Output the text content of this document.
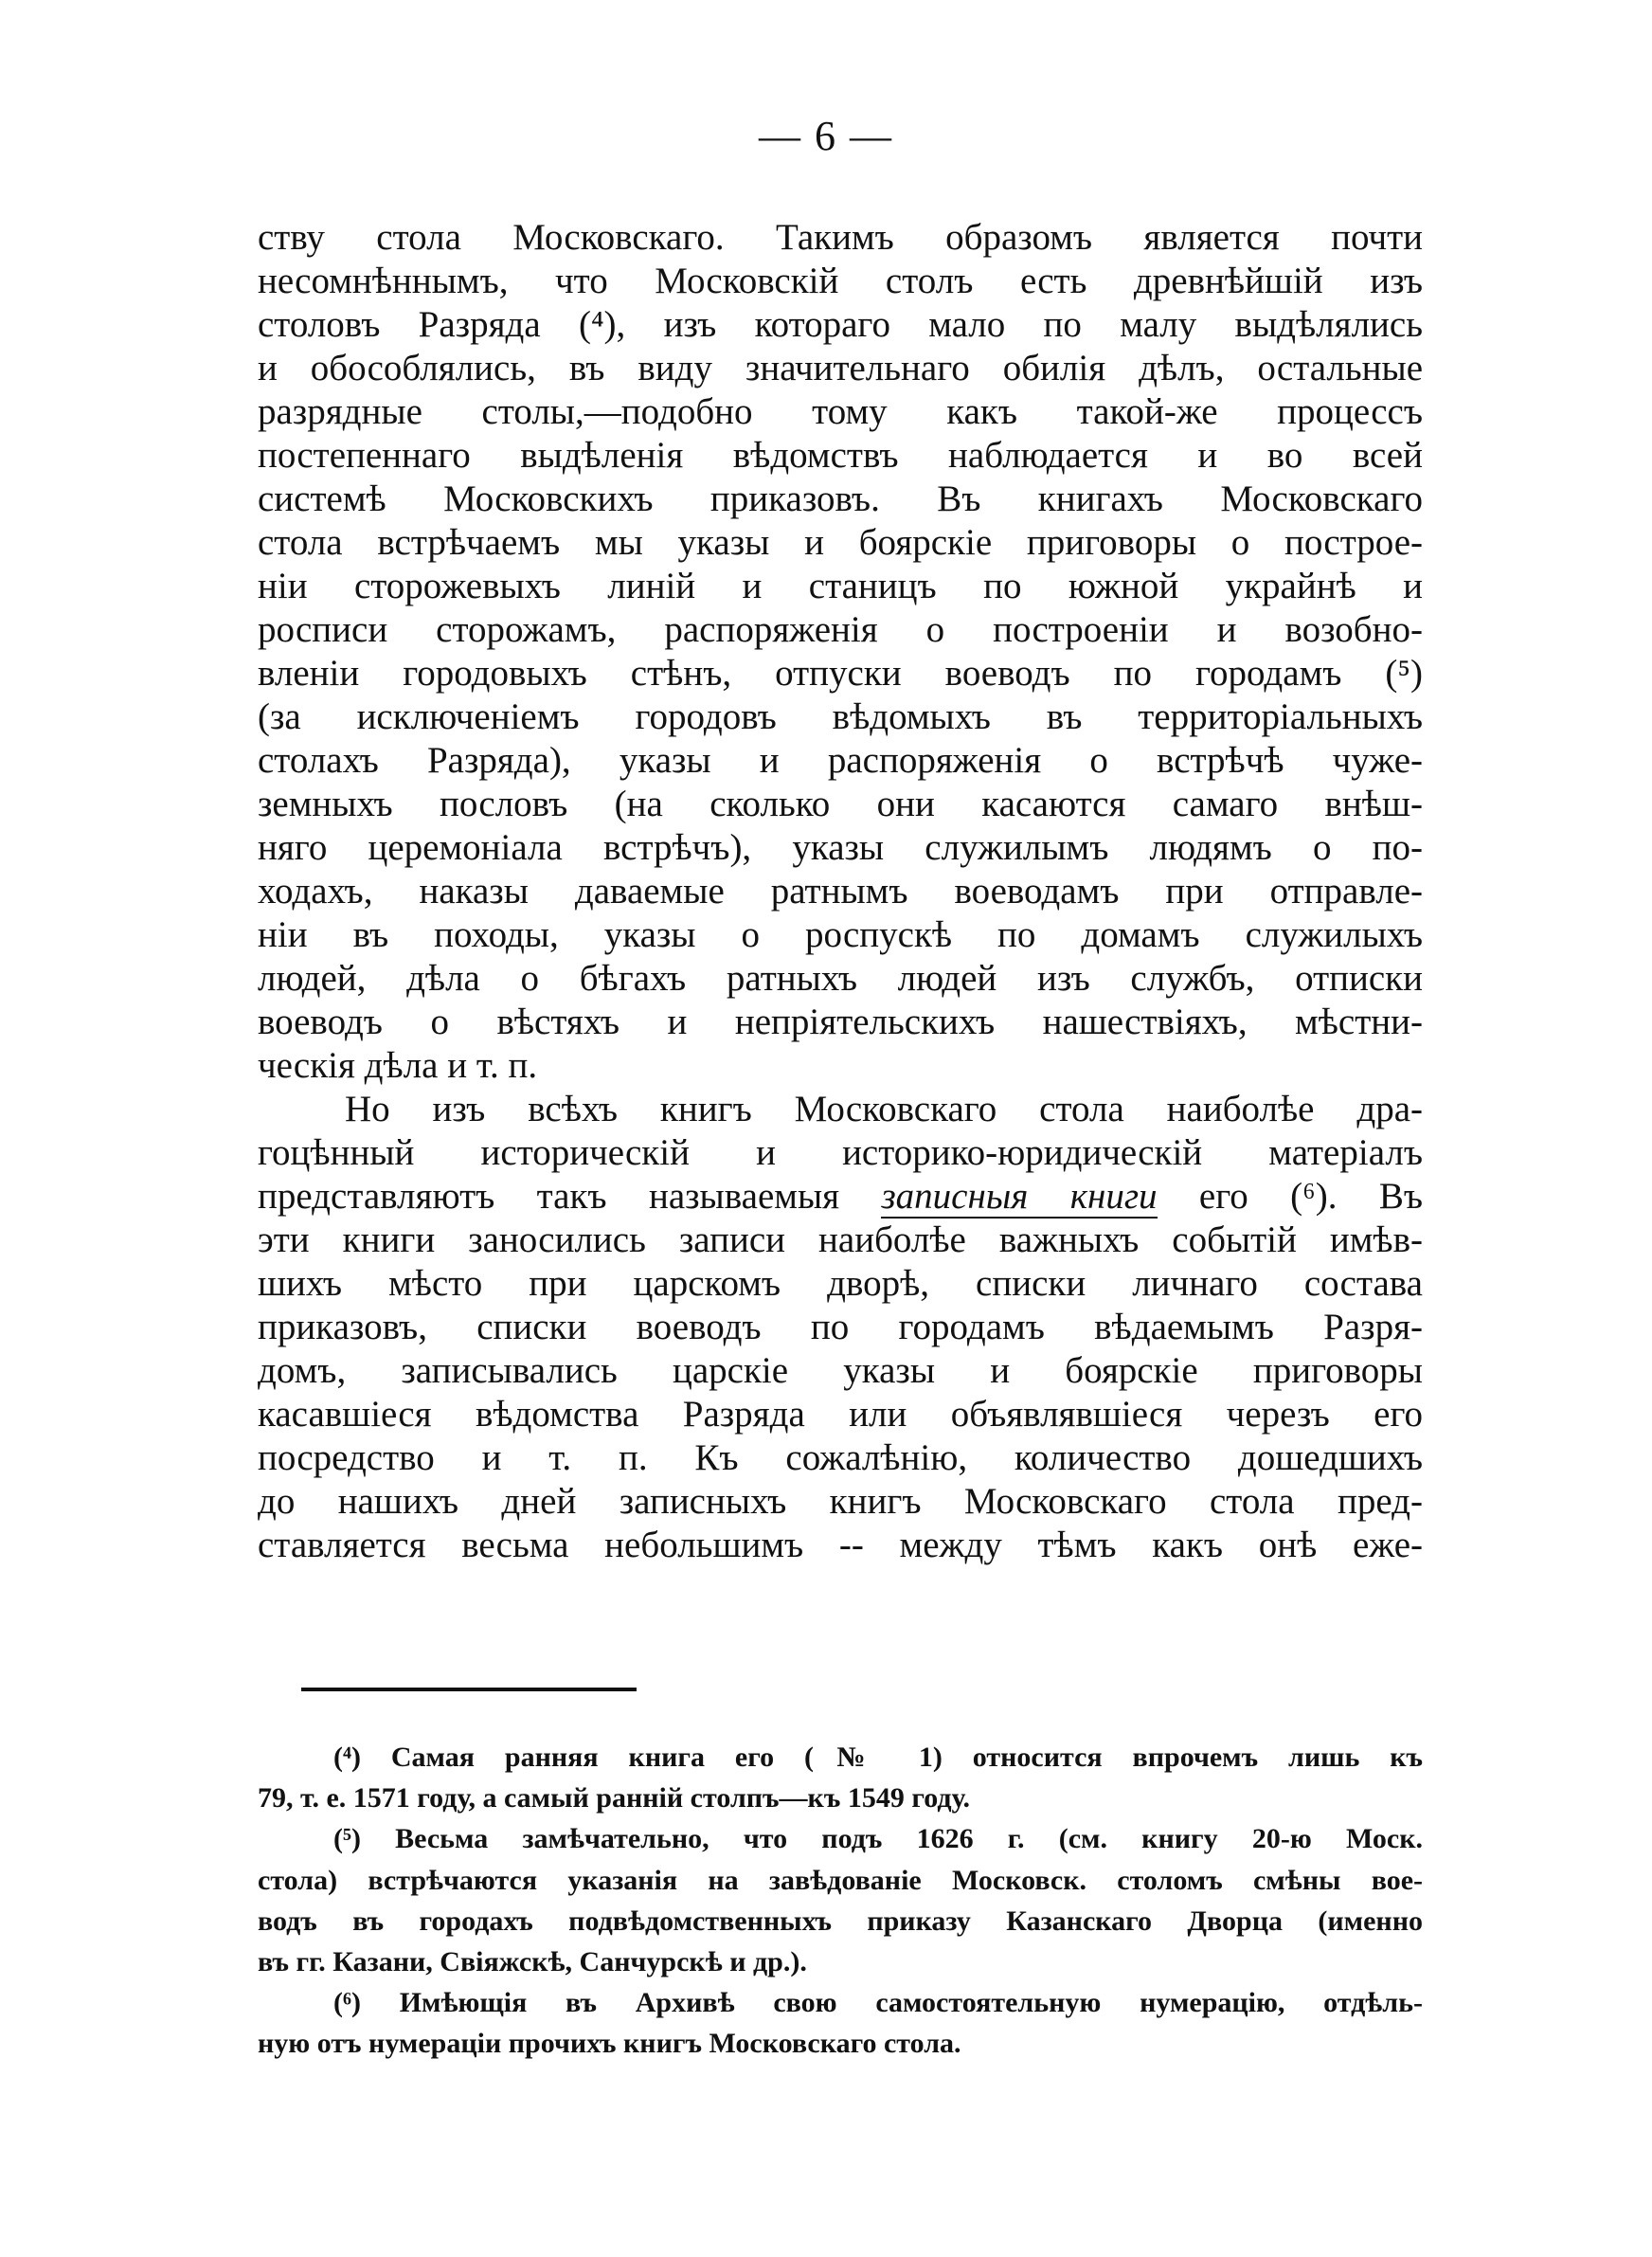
— 6 —
ству стола Московскаго. Такимъ образомъ является почти
несомнѣннымъ, что Московскій столъ есть древнѣйшій изъ
столовъ Разряда (⁴), изъ котораго мало по малу выдѣлялись
и обособлялись, въ виду значительнаго обилія дѣлъ, остальные
разрядные столы,—подобно тому какъ такой-же процессъ
постепеннаго выдѣленія вѣдомствъ наблюдается и во всей
системѣ Московскихъ приказовъ. Въ книгахъ Московскаго
стола встрѣчаемъ мы указы и боярскіе приговоры о построе-
ніи сторожевыхъ линій и станицъ по южной украйнѣ и
росписи сторожамъ, распоряженія о построеніи и возобно-
вленіи городовыхъ стѣнъ, отпуски воеводъ по городамъ (⁵)
(за исключеніемъ городовъ вѣдомыхъ въ территоріальныхъ
столахъ Разряда), указы и распоряженія о встрѣчѣ чуже-
земныхъ пословъ (на сколько они касаются самаго внѣш-
няго церемоніала встрѣчъ), указы служилымъ людямъ о по-
ходахъ, наказы даваемые ратнымъ воеводамъ при отправле-
ніи въ походы, указы о роспускѣ по домамъ служилыхъ
людей, дѣла о бѣгахъ ратныхъ людей изъ службъ, отписки
воеводъ о вѣстяхъ и непріятельскихъ нашествіяхъ, мѣстни-
ческія дѣла и т. п.
Но изъ всѣхъ книгъ Московскаго стола наиболѣе дра-
гоцѣнный историческій и историко-юридическій матеріалъ
представляютъ такъ называемыя записныя книги его (⁶). Въ
эти книги заносились записи наиболѣе важныхъ событій имѣв-
шихъ мѣсто при царскомъ дворѣ, списки личнаго состава
приказовъ, списки воеводъ по городамъ вѣдаемымъ Разря-
домъ, записывались царскіе указы и боярскіе приговоры
касавшіеся вѣдомства Разряда или объявлявшіеся черезъ его
посредство и т. п. Къ сожалѣнію, количество дошедшихъ
до нашихъ дней записныхъ книгъ Московскаго стола пред-
ставляется весьма небольшимъ -- между тѣмъ какъ онѣ еже-
(⁴) Самая ранняя книга его (№ 1) относится впрочемъ лишь къ
79, т. е. 1571 году, а самый ранній столпъ—къ 1549 году.
(⁵) Весьма замѣчательно, что подъ 1626 г. (см. книгу 20-ю Моск.
стола) встрѣчаются указанія на завѣдованіе Московск. столомъ смѣны вое-
водъ въ городахъ подвѣдомственныхъ приказу Казанскаго Дворца (именно
въ гг. Казани, Свіяжскѣ, Санчурскѣ и др.).
(⁶) Имѣющія въ Архивѣ свою самостоятельную нумерацію, отдѣль-
ную отъ нумераціи прочихъ книгъ Московскаго стола.
